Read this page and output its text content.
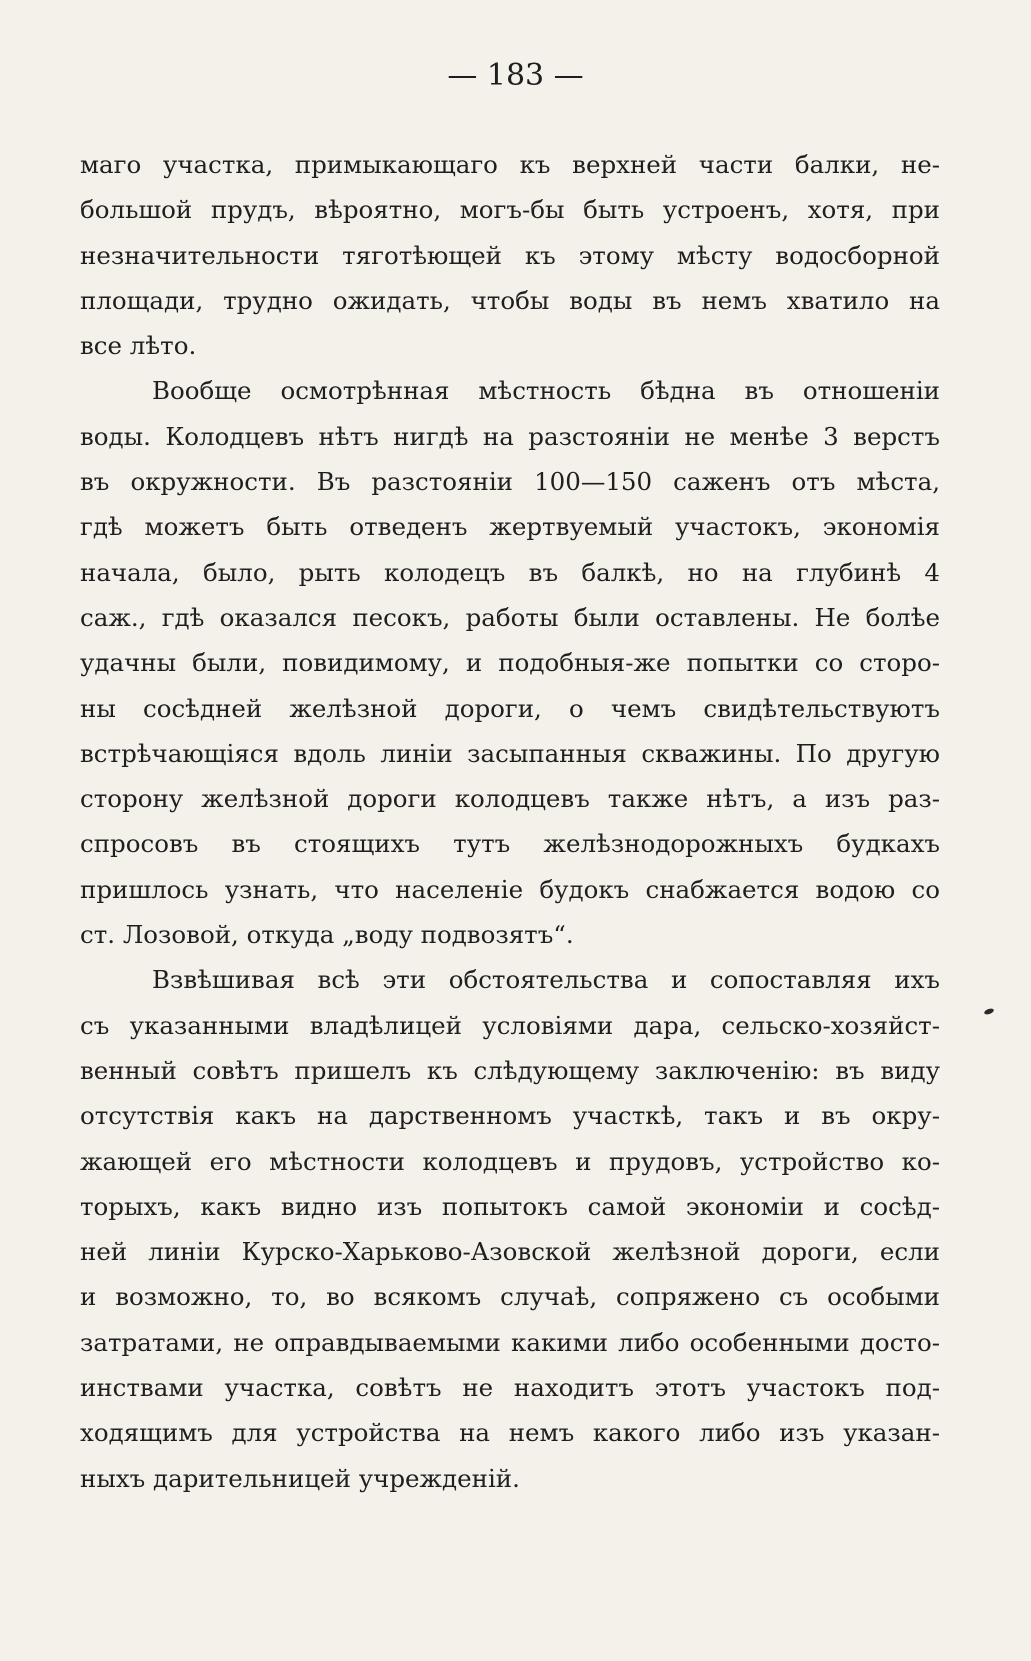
— 183 —
маго участка, примыкающаго къ верхней части балки, не-
большой прудъ, вѣроятно, могъ-бы быть устроенъ, хотя, при
незначительности тяготѣющей къ этому мѣсту водосборной
площади, трудно ожидать, чтобы воды въ немъ хватило на
все лѣто.
Вообще осмотрѣнная мѣстность бѣдна въ отношеніи
воды. Колодцевъ нѣтъ нигдѣ на разстояніи не менѣе 3 верстъ
въ окружности. Въ разстояніи 100—150 саженъ отъ мѣста,
гдѣ можетъ быть отведенъ жертвуемый участокъ, экономія
начала, было, рыть колодецъ въ балкѣ, но на глубинѣ 4
саж., гдѣ оказался песокъ, работы были оставлены. Не болѣе
удачны были, повидимому, и подобныя-же попытки со сторо-
ны сосѣдней желѣзной дороги, о чемъ свидѣтельствуютъ
встрѣчающіяся вдоль линіи засыпанныя скважины. По другую
сторону желѣзной дороги колодцевъ также нѣтъ, а изъ раз-
спросовъ въ стоящихъ тутъ желѣзнодорожныхъ будкахъ
пришлось узнать, что населеніе будокъ снабжается водою со
ст. Лозовой, откуда „воду подвозятъ“.
Взвѣшивая всѣ эти обстоятельства и сопоставляя ихъ
съ указанными владѣлицей условіями дара, сельско-хозяйст-
венный совѣтъ пришелъ къ слѣдующему заключенію: въ виду
отсутствія какъ на дарственномъ участкѣ, такъ и въ окру-
жающей его мѣстности колодцевъ и прудовъ, устройство ко-
торыхъ, какъ видно изъ попытокъ самой экономіи и сосѣд-
ней линіи Курско-Харьково-Азовской желѣзной дороги, если
и возможно, то, во всякомъ случаѣ, сопряжено съ особыми
затратами, не оправдываемыми какими либо особенными досто-
инствами участка, совѣтъ не находитъ этотъ участокъ под-
ходящимъ для устройства на немъ какого либо изъ указан-
ныхъ дарительницей учрежденій.
